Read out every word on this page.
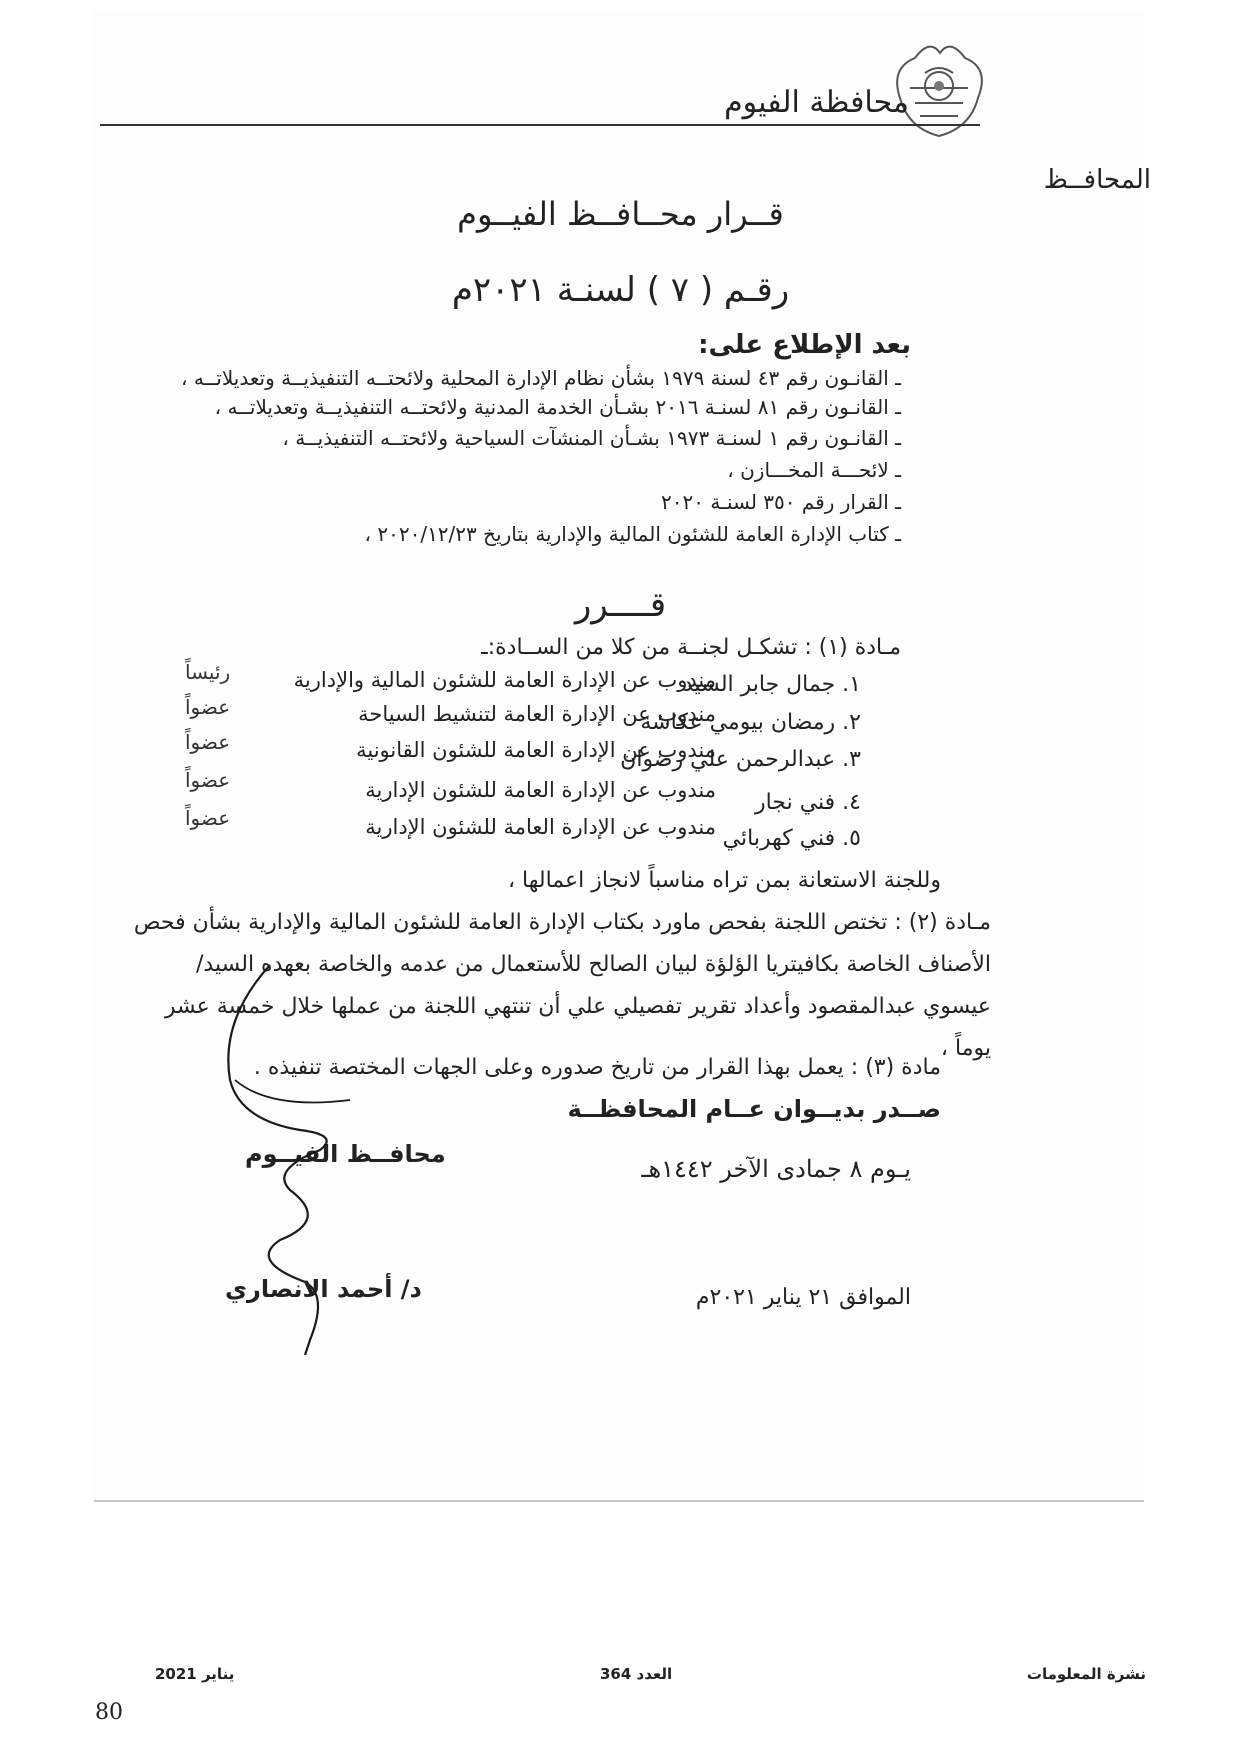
محافظة الفيوم
المحافــظ
قــرار محــافــظ الفيــوم
رقـم ( ٧ ) لسنـة ٢٠٢١م
بعد الإطلاع على:
ـ القانـون رقم ٤٣ لسنة ١٩٧٩ بشأن نظام الإدارة المحلية ولائحتــه التنفيذيــة وتعديلاتــه ،
ـ القانـون رقم ٨١ لسنـة ٢٠١٦ بشـأن الخدمة المدنية ولائحتــه التنفيذيــة وتعديلاتــه ،
ـ القانـون رقم ١ لسنـة ١٩٧٣ بشـأن المنشآت السياحية ولائحتــه التنفيذيــة ،
ـ لائحـــة المخـــازن ،
ـ القرار رقم ٣٥٠ لسنـة ٢٠٢٠
ـ كتاب الإدارة العامة للشئون المالية والإدارية بتاريخ ٢٠٢٠/١٢/٢٣ ،
قــــرر
مـادة (١) : تشكـل لجنــة من كلا من الســادة:ـ
١. جمال جابر السيد
مندوب عن الإدارة العامة للشئون المالية والإدارية
رئيساً
٢. رمضان بيومي عكاشة
مندوب عن الإدارة العامة لتنشيط السياحة
عضواً
٣. عبدالرحمن علي رضوان
مندوب عن الإدارة العامة للشئون القانونية
عضواً
٤. فني نجار
مندوب عن الإدارة العامة للشئون الإدارية
عضواً
٥. فني كهربائي
مندوب عن الإدارة العامة للشئون الإدارية
عضواً
وللجنة الاستعانة بمن تراه مناسباً لانجاز اعمالها ،
مـادة (٢) : تختص اللجنة بفحص ماورد بكتاب الإدارة العامة للشئون المالية والإدارية بشأن فحص الأصناف الخاصة بكافيتريا الؤلؤة لبيان الصالح للأستعمال من عدمه والخاصة بعهده السيد/ عيسوي عبدالمقصود وأعداد تقرير تفصيلي علي أن تنتهي اللجنة من عملها خلال خمسة عشر يوماً ،
مادة (٣) : يعمل بهذا القرار من تاريخ صدوره وعلى الجهات المختصة تنفيذه .
صــدر بديــوان عــام المحافظــة
محافــظ الفيــوم
يـوم ٨ جمادى الآخر ١٤٤٢هـ
د/ أحمد الانصاري	الموافق ٢١ يناير ٢٠٢١م
نشرة المعلومات
العدد 364
يناير 2021
80
